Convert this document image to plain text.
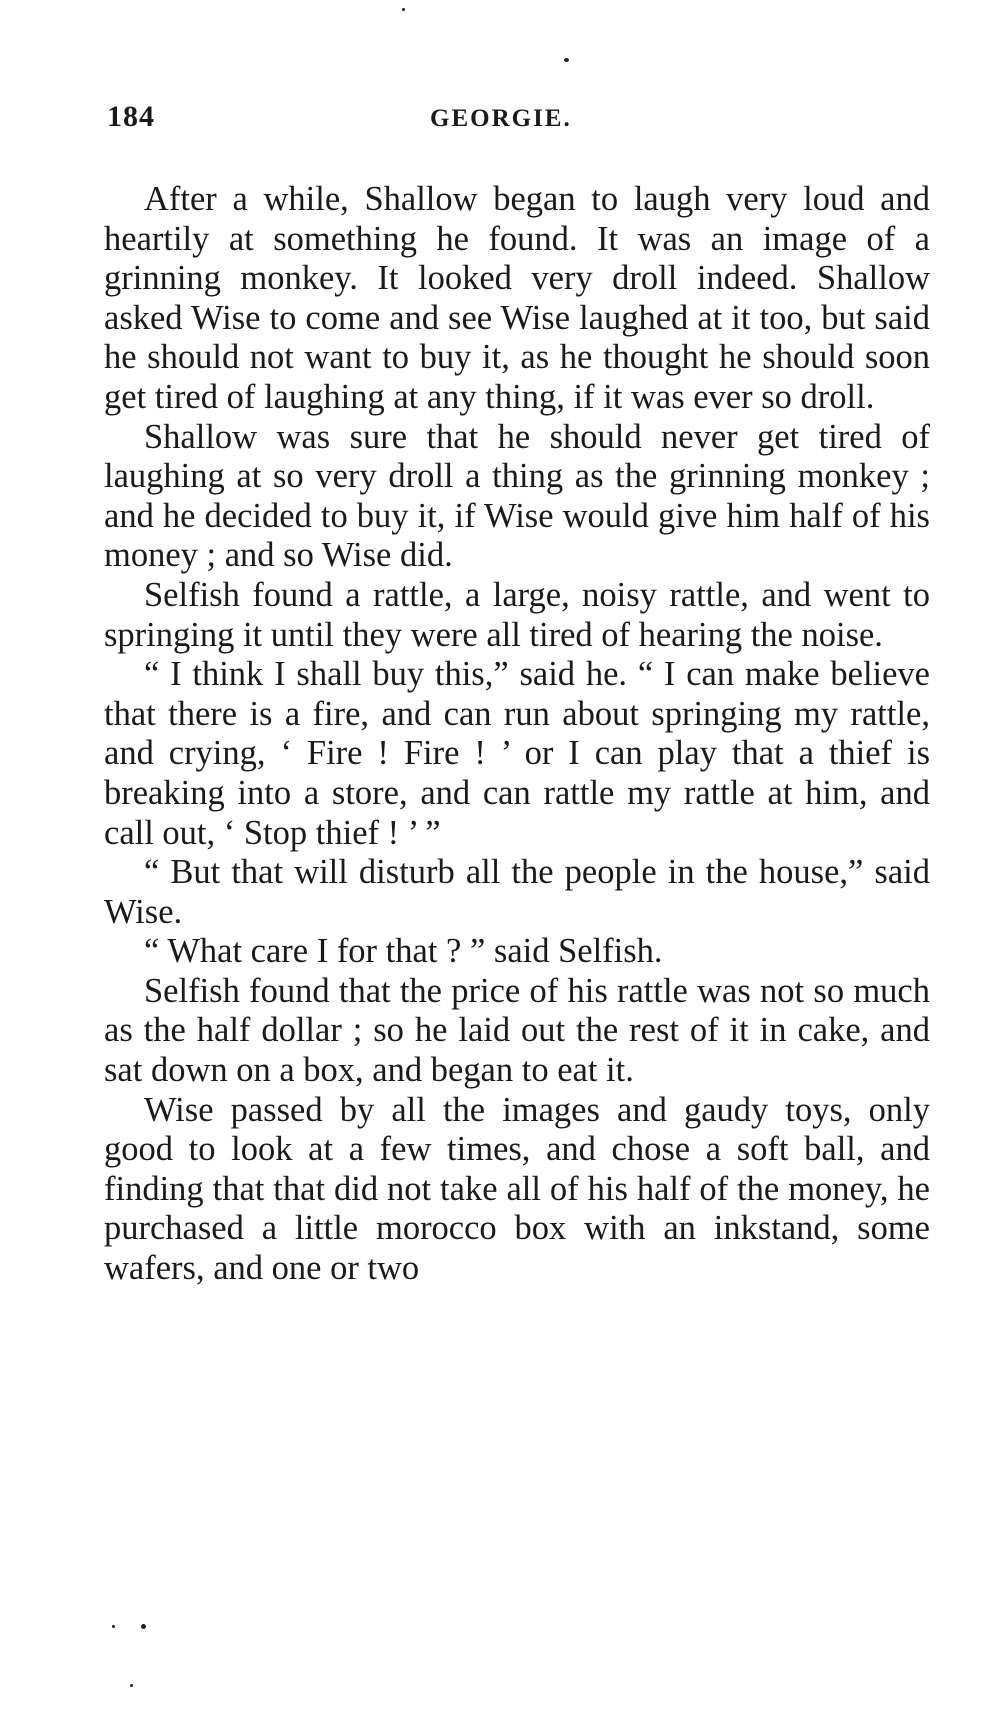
184	GEORGIE.

After a while, Shallow began to laugh very loud and heartily at something he found. It was an image of a grinning monkey. It looked very droll indeed. Shallow asked Wise to come and see Wise laughed at it too, but said he should not want to buy it, as he thought he should soon get tired of laughing at any thing, if it was ever so droll.

Shallow was sure that he should never get tired of laughing at so very droll a thing as the grinning monkey ; and he decided to buy it, if Wise would give him half of his money ; and so Wise did.

Selfish found a rattle, a large, noisy rattle, and went to springing it until they were all tired of hearing the noise.

“ I think I shall buy this,” said he. “ I can make believe that there is a fire, and can run about springing my rattle, and crying, ‘ Fire ! Fire ! ’ or I can play that a thief is breaking into a store, and can rattle my rattle at him, and call out, ‘ Stop thief ! ’ ”

“ But that will disturb all the people in the house,” said Wise.

“ What care I for that ? ” said Selfish.

Selfish found that the price of his rattle was not so much as the half dollar ; so he laid out the rest of it in cake, and sat down on a box, and began to eat it.

Wise passed by all the images and gaudy toys, only good to look at a few times, and chose a soft ball, and finding that that did not take all of his half of the money, he purchased a little morocco box with an inkstand, some wafers, and one or two
